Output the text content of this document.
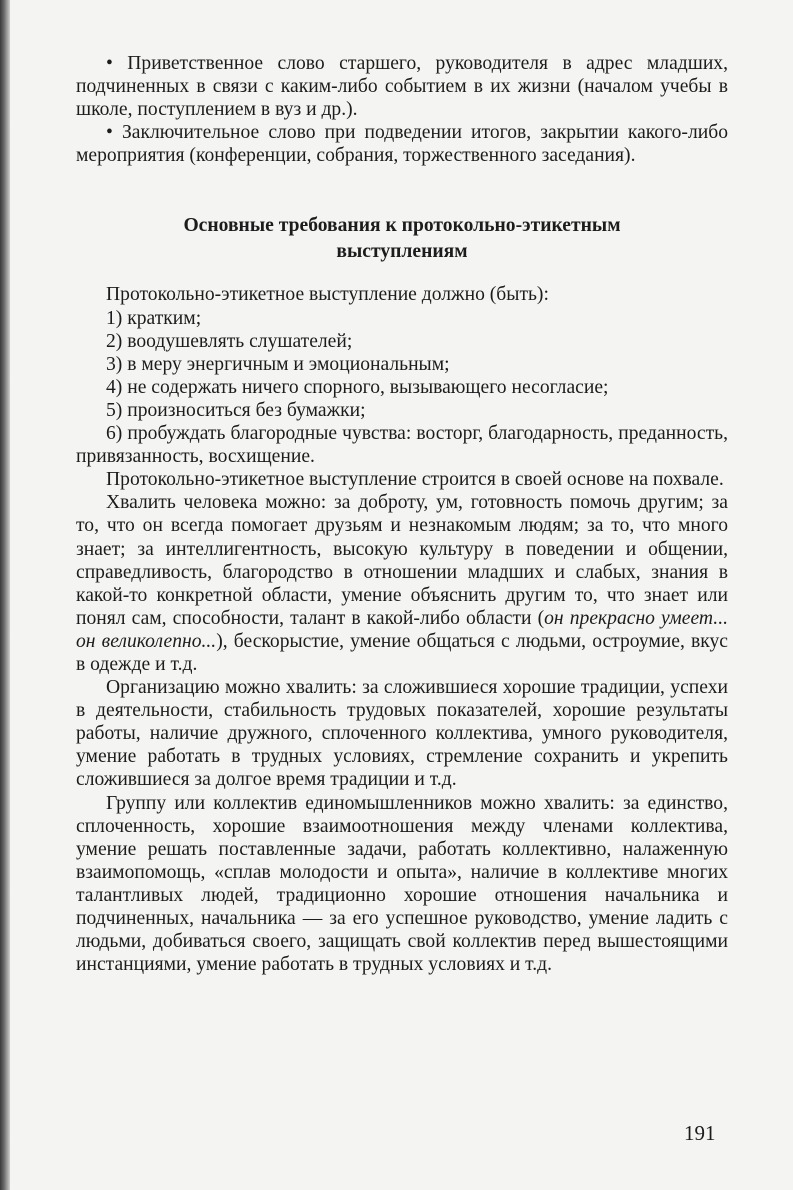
• Приветственное слово старшего, руководителя в адрес младших, подчиненных в связи с каким-либо событием в их жизни (началом учебы в школе, поступлением в вуз и др.).

• Заключительное слово при подведении итогов, закрытии какого-либо мероприятия (конференции, собрания, торжественного заседания).

Основные требования к протокольно-этикетным
выступлениям

Протокольно-этикетное выступление должно (быть):

1) кратким;

2) воодушевлять слушателей;

3) в меру энергичным и эмоциональным;

4) не содержать ничего спорного, вызывающего несогласие;

5) произноситься без бумажки;

6) пробуждать благородные чувства: восторг, благодарность, преданность, привязанность, восхищение.

Протокольно-этикетное выступление строится в своей основе на похвале.

Хвалить человека можно: за доброту, ум, готовность помочь другим; за то, что он всегда помогает друзьям и незнакомым людям; за то, что много знает; за интеллигентность, высокую культуру в поведении и общении, справедливость, благородство в отношении младших и слабых, знания в какой-то конкретной области, умение объяснить другим то, что знает или понял сам, способности, талант в какой-либо области (он прекрасно умеет... он великолепно...), бескорыстие, умение общаться с людьми, остроумие, вкус в одежде и т.д.

Организацию можно хвалить: за сложившиеся хорошие традиции, успехи в деятельности, стабильность трудовых показателей, хорошие результаты работы, наличие дружного, сплоченного коллектива, умного руководителя, умение работать в трудных условиях, стремление сохранить и укрепить сложившиеся за долгое время традиции и т.д.

Группу или коллектив единомышленников можно хвалить: за единство, сплоченность, хорошие взаимоотношения между членами коллектива, умение решать поставленные задачи, работать коллективно, налаженную взаимопомощь, «сплав молодости и опыта», наличие в коллективе многих талантливых людей, традиционно хорошие отношения начальника и подчиненных, начальника — за его успешное руководство, умение ладить с людьми, добиваться своего, защищать свой коллектив перед вышестоящими инстанциями, умение работать в трудных условиях и т.д.

191
